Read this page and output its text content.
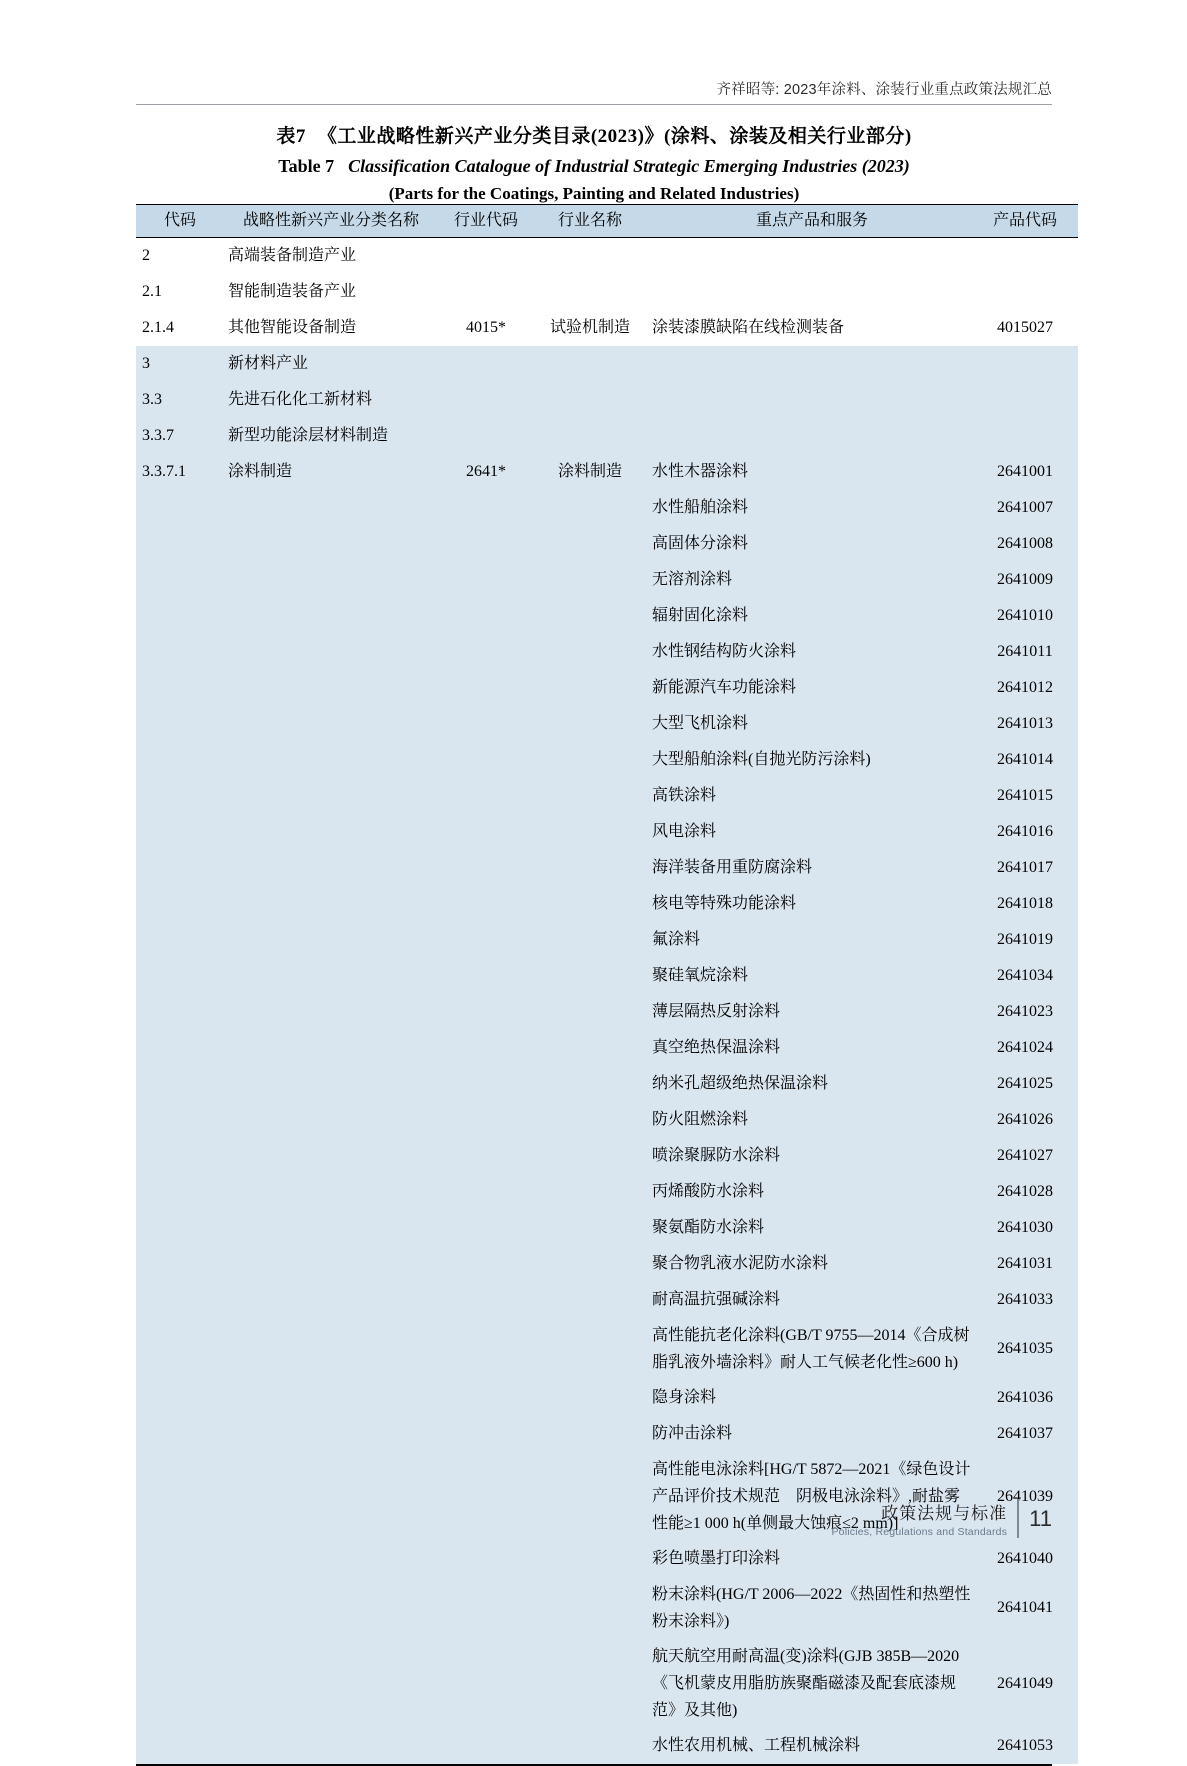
齐祥昭等: 2023年涂料、涂装行业重点政策法规汇总
表7 《工业战略性新兴产业分类目录(2023)》(涂料、涂装及相关行业部分)
Table 7 Classification Catalogue of Industrial Strategic Emerging Industries (2023)
(Parts for the Coatings, Painting and Related Industries)
代码	战略性新兴产业分类名称	行业代码	行业名称	重点产品和服务	产品代码
2	高端装备制造产业				
2.1	智能制造装备产业				
2.1.4	其他智能设备制造	4015*	试验机制造	涂装漆膜缺陷在线检测装备	4015027
3	新材料产业				
3.3	先进石化化工新材料				
3.3.7	新型功能涂层材料制造				
3.3.7.1	涂料制造	2641*	涂料制造	水性木器涂料	2641001
				水性船舶涂料	2641007
				高固体分涂料	2641008
				无溶剂涂料	2641009
				辐射固化涂料	2641010
				水性钢结构防火涂料	2641011
				新能源汽车功能涂料	2641012
				大型飞机涂料	2641013
				大型船舶涂料(自抛光防污涂料)	2641014
				高铁涂料	2641015
				风电涂料	2641016
				海洋装备用重防腐涂料	2641017
				核电等特殊功能涂料	2641018
				氟涂料	2641019
				聚硅氧烷涂料	2641034
				薄层隔热反射涂料	2641023
				真空绝热保温涂料	2641024
				纳米孔超级绝热保温涂料	2641025
				防火阻燃涂料	2641026
				喷涂聚脲防水涂料	2641027
				丙烯酸防水涂料	2641028
				聚氨酯防水涂料	2641030
				聚合物乳液水泥防水涂料	2641031
				耐高温抗强碱涂料	2641033
				高性能抗老化涂料(GB/T 9755—2014《合成树脂乳液外墙涂料》耐人工气候老化性≥600 h)	2641035
				隐身涂料	2641036
				防冲击涂料	2641037
				高性能电泳涂料[HG/T 5872—2021《绿色设计产品评价技术规范　阴极电泳涂料》,耐盐雾性能≥1 000 h(单侧最大蚀痕≤2 mm)]	2641039
				彩色喷墨打印涂料	2641040
				粉末涂料(HG/T 2006—2022《热固性和热塑性粉末涂料》)	2641041
				航天航空用耐高温(变)涂料(GJB 385B—2020《飞机蒙皮用脂肪族聚酯磁漆及配套底漆规范》及其他)	2641049
				水性农用机械、工程机械涂料	2641053
政策法规与标准
Policies, Regulations and Standards
11
